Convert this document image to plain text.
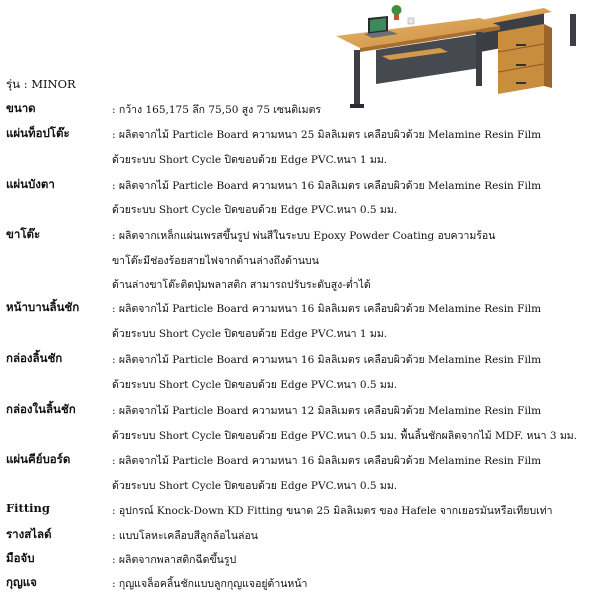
รุ่น : MINOR
ขนาด	: กว้าง 165,175 ลึก 75,50 สูง 75 เซนติเมตร
แผ่นท็อปโต๊ะ	: ผลิตจากไม้ Particle Board ความหนา 25 มิลลิเมตร เคลือบผิวด้วย Melamine Resin Film
ด้วยระบบ Short Cycle ปิดขอบด้วย Edge PVC.หนา 1 มม.
แผ่นบังตา	: ผลิตจากไม้ Particle Board ความหนา 16 มิลลิเมตร เคลือบผิวด้วย Melamine Resin Film
ด้วยระบบ Short Cycle ปิดขอบด้วย Edge PVC.หนา 0.5 มม.
ขาโต๊ะ	: ผลิตจากเหล็กแผ่นเพรสขึ้นรูป พ่นสีในระบบ Epoxy Powder Coating อบความร้อน
ขาโต๊ะมีช่องร้อยสายไฟจากด้านล่างถึงด้านบน
ด้านล่างขาโต๊ะติดปุ่มพลาสติก สามารถปรับระดับสูง-ต่ำได้
หน้าบานลิ้นชัก	: ผลิตจากไม้ Particle Board ความหนา 16 มิลลิเมตร เคลือบผิวด้วย Melamine Resin Film
ด้วยระบบ Short Cycle ปิดขอบด้วย Edge PVC.หนา 1 มม.
กล่องลิ้นชัก	: ผลิตจากไม้ Particle Board ความหนา 16 มิลลิเมตร เคลือบผิวด้วย Melamine Resin Film
ด้วยระบบ Short Cycle ปิดขอบด้วย Edge PVC.หนา 0.5 มม.
กล่องในลิ้นชัก	: ผลิตจากไม้ Particle Board ความหนา 12 มิลลิเมตร เคลือบผิวด้วย Melamine Resin Film
ด้วยระบบ Short Cycle ปิดขอบด้วย Edge PVC.หนา 0.5 มม. พื้นลิ้นชักผลิตจากไม้ MDF. หนา 3 มม.
แผ่นคีย์บอร์ด	: ผลิตจากไม้ Particle Board ความหนา 16 มิลลิเมตร เคลือบผิวด้วย Melamine Resin Film
ด้วยระบบ Short Cycle ปิดขอบด้วย Edge PVC.หนา 0.5 มม.
Fitting	: อุปกรณ์ Knock-Down KD Fitting ขนาด 25 มิลลิเมตร ของ Hafele จากเยอรมันหรือเทียบเท่า
รางสไลด์	: แบบโลหะเคลือบสีลูกล้อไนล่อน
มือจับ	: ผลิตจากพลาสติกฉีดขึ้นรูป
กุญแจ	: กุญแจล็อคลิ้นชักแบบลูกกุญแจอยู่ด้านหน้า
